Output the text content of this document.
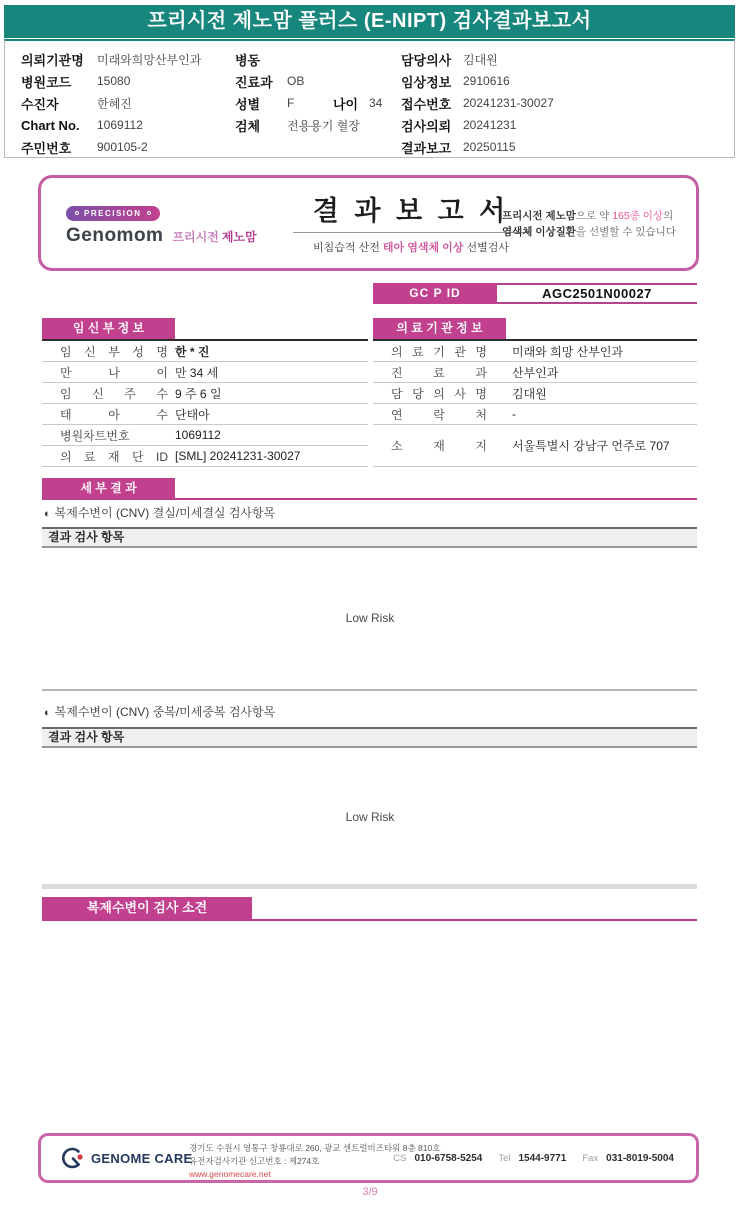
프리시전 제노맘 플러스 (E-NIPT) 검사결과보고서
의뢰기관명	미래와희망산부인과
병원코드	15080
수진자	한혜진
Chart No.	1069112
주민번호	900105-2
병동
진료과	OB
성별	F	나이 34
검체	전용용기 혈장
담당의사 김대원
임상정보 2910616
접수번호 20241231-30027
검사의뢰 20241231
결과보고 20250115
PRECISION
Genomom 프리시전 제노맘
결 과 보 고 서
비침습적 산전 태아 염색체 이상 선별검사
프리시전 제노맘으로 약 165종 이상의
염색체 이상질환을 선별할 수 있습니다
GC P ID	AGC2501N00027
임 신 부 정 보
임 신 부 성 명 한 * 진
만 나 이 만 34 세
임 신 주 수 9 주 6 일
태 아 수 단태아
병원차트번호	1069112
의 료 재 단 ID [SML] 20241231-30027
의 료 기 관 정 보
의 료 기 관 명 미래와 희망 산부인과
진 료 과 산부인과
담 당 의 사 명 김대원
연 락 처 -
소 재 지 서울특별시 강남구 언주로 707
세 부 결 과
◐ 복제수변이 (CNV) 결실/미세결실 검사항목
결과 검사 항목
Low Risk
◐ 복제수변이 (CNV) 중복/미세중복 검사항목
결과 검사 항목
Low Risk
복제수변이 검사 소견
GENOME CARE
경기도 수원시 영통구 창룡대로 260, 광교 센트럴비즈타워 8층 810호
유전자검사기관 신고번호 : 제274호
www.genomecare.net
CS 010-6758-5254 Tel 1544-9771 Fax 031-8019-5004
3/9
